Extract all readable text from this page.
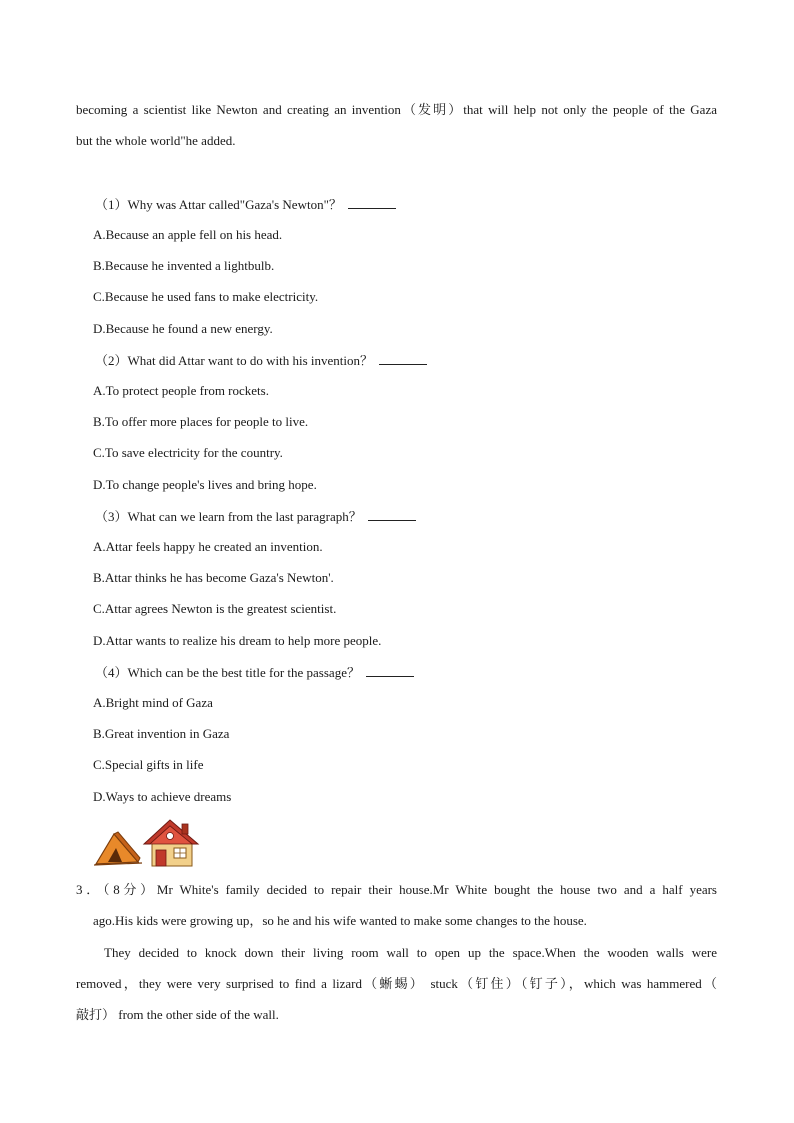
becoming a scientist like Newton and creating an invention（发明）that will help not only the people of the Gaza
but the whole world"he added.
（1）Why was Attar called"Gaza's Newton"？
A.Because an apple fell on his head.
B.Because he invented a lightbulb.
C.Because he used fans to make electricity.
D.Because he found a new energy.
（2）What did Attar want to do with his invention？
A.To protect people from rockets.
B.To offer more places for people to live.
C.To save electricity for the country.
D.To change people's lives and bring hope.
（3）What can we learn from the last paragraph？
A.Attar feels happy he created an invention.
B.Attar thinks he has become Gaza's Newton'.
C.Attar agrees Newton is the greatest scientist.
D.Attar wants to realize his dream to help more people.
（4）Which can be the best title for the passage？
A.Bright mind of Gaza
B.Great invention in Gaza
C.Special gifts in life
D.Ways to achieve dreams
3．（8分）Mr White's family decided to repair their house.Mr White bought the house two and a half years
ago.His kids were growing up，so he and his wife wanted to make some changes to the house.
They decided to knock down their living room wall to open up the space.When the wooden walls were
removed，they were very surprised to find a lizard（蜥蜴） stuck（钉住）（钉子），which was hammered（
敲打） from the other side of the wall.
